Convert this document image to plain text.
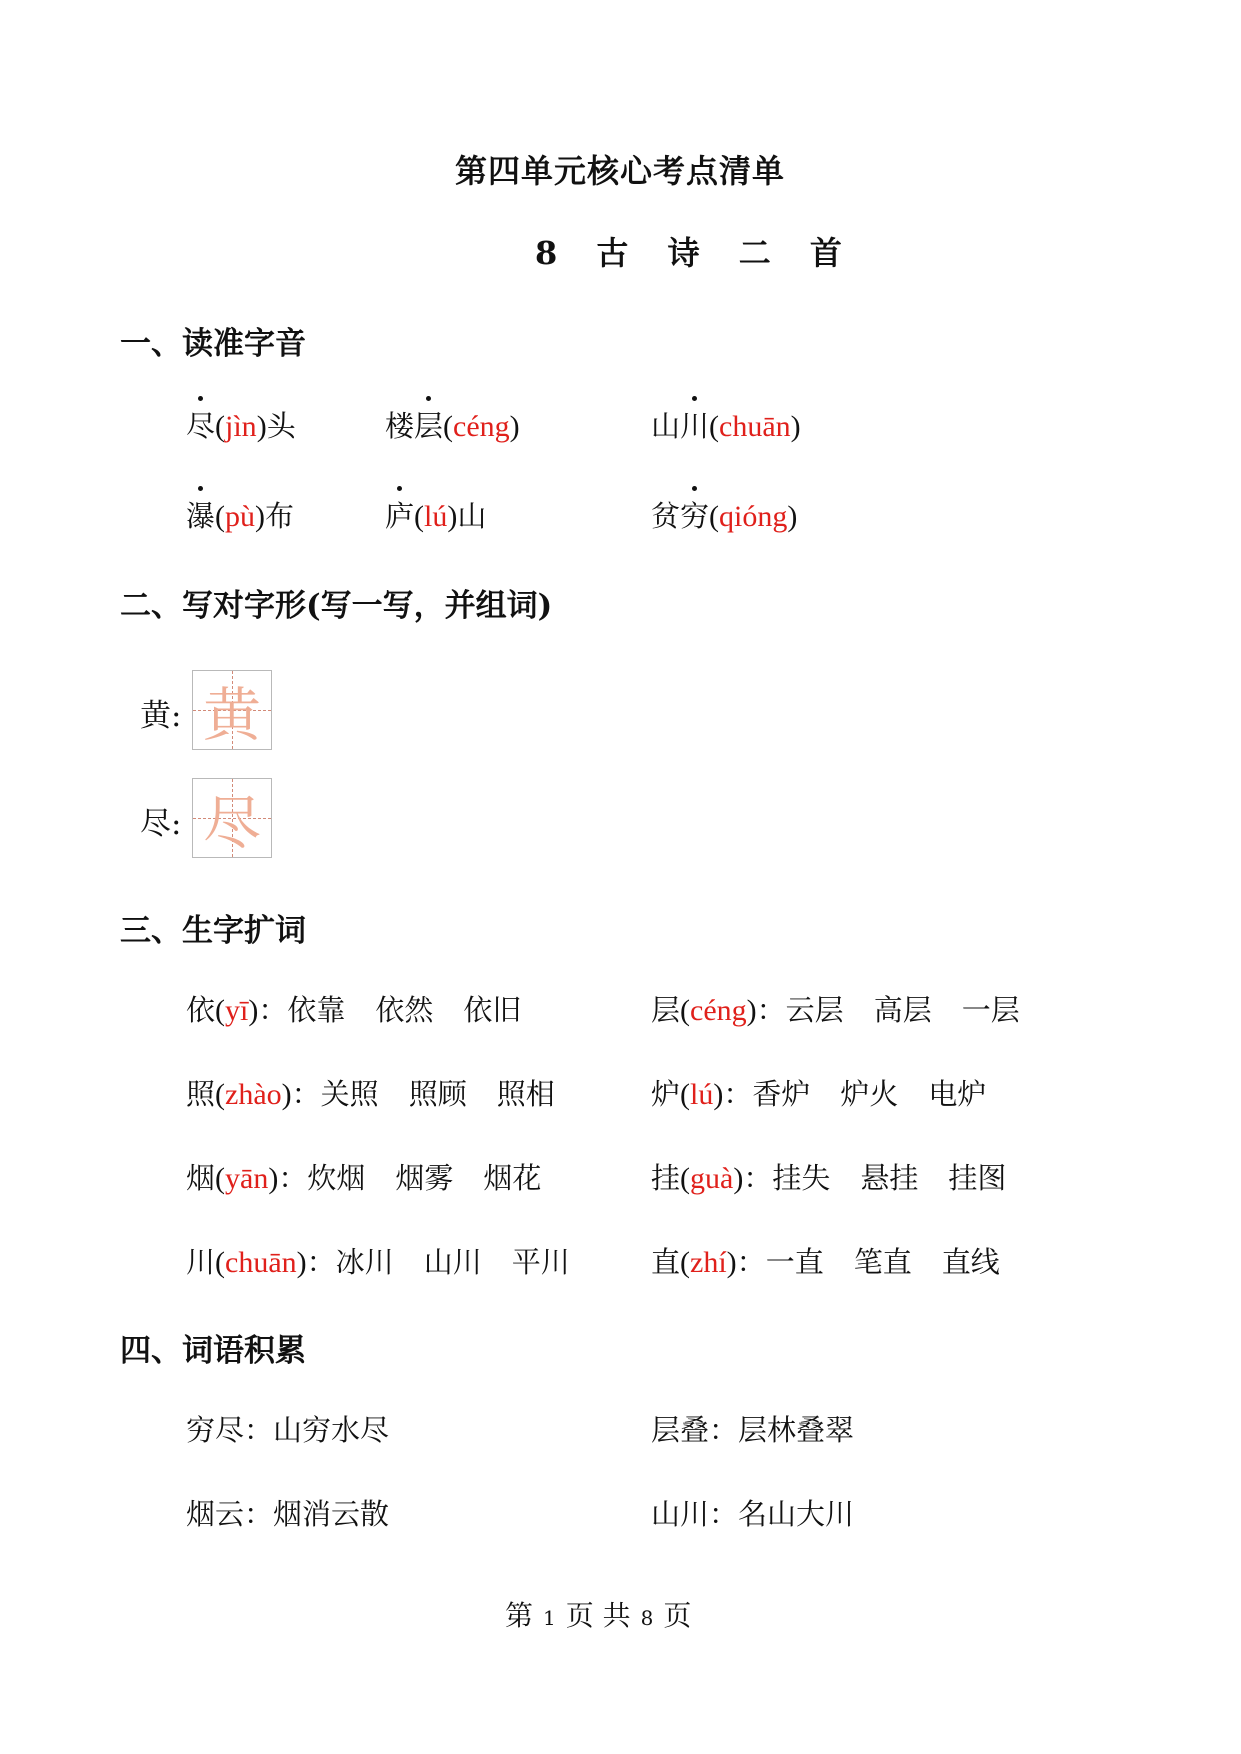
第四单元核心考点清单
8 古 诗 二 首
一、读准字音
尽(jìn)头	楼层(céng)	山川(chuān)
瀑(pù)布	庐(lú)山	贫穷(qióng)
二、写对字形(写一写，并组词)
黄: 黄
尽: 尽
三、生字扩词
依(yī)：依靠 依然 依旧	层(céng)：云层 高层 一层
照(zhào)：关照 照顾 照相	炉(lú)：香炉 炉火 电炉
烟(yān)：炊烟 烟雾 烟花	挂(guà)：挂失 悬挂 挂图
川(chuān)：冰川 山川 平川	直(zhí)：一直 笔直 直线
四、词语积累
穷尽：山穷水尽	层叠：层林叠翠
烟云：烟消云散	山川：名山大川
第 1 页 共 8 页
